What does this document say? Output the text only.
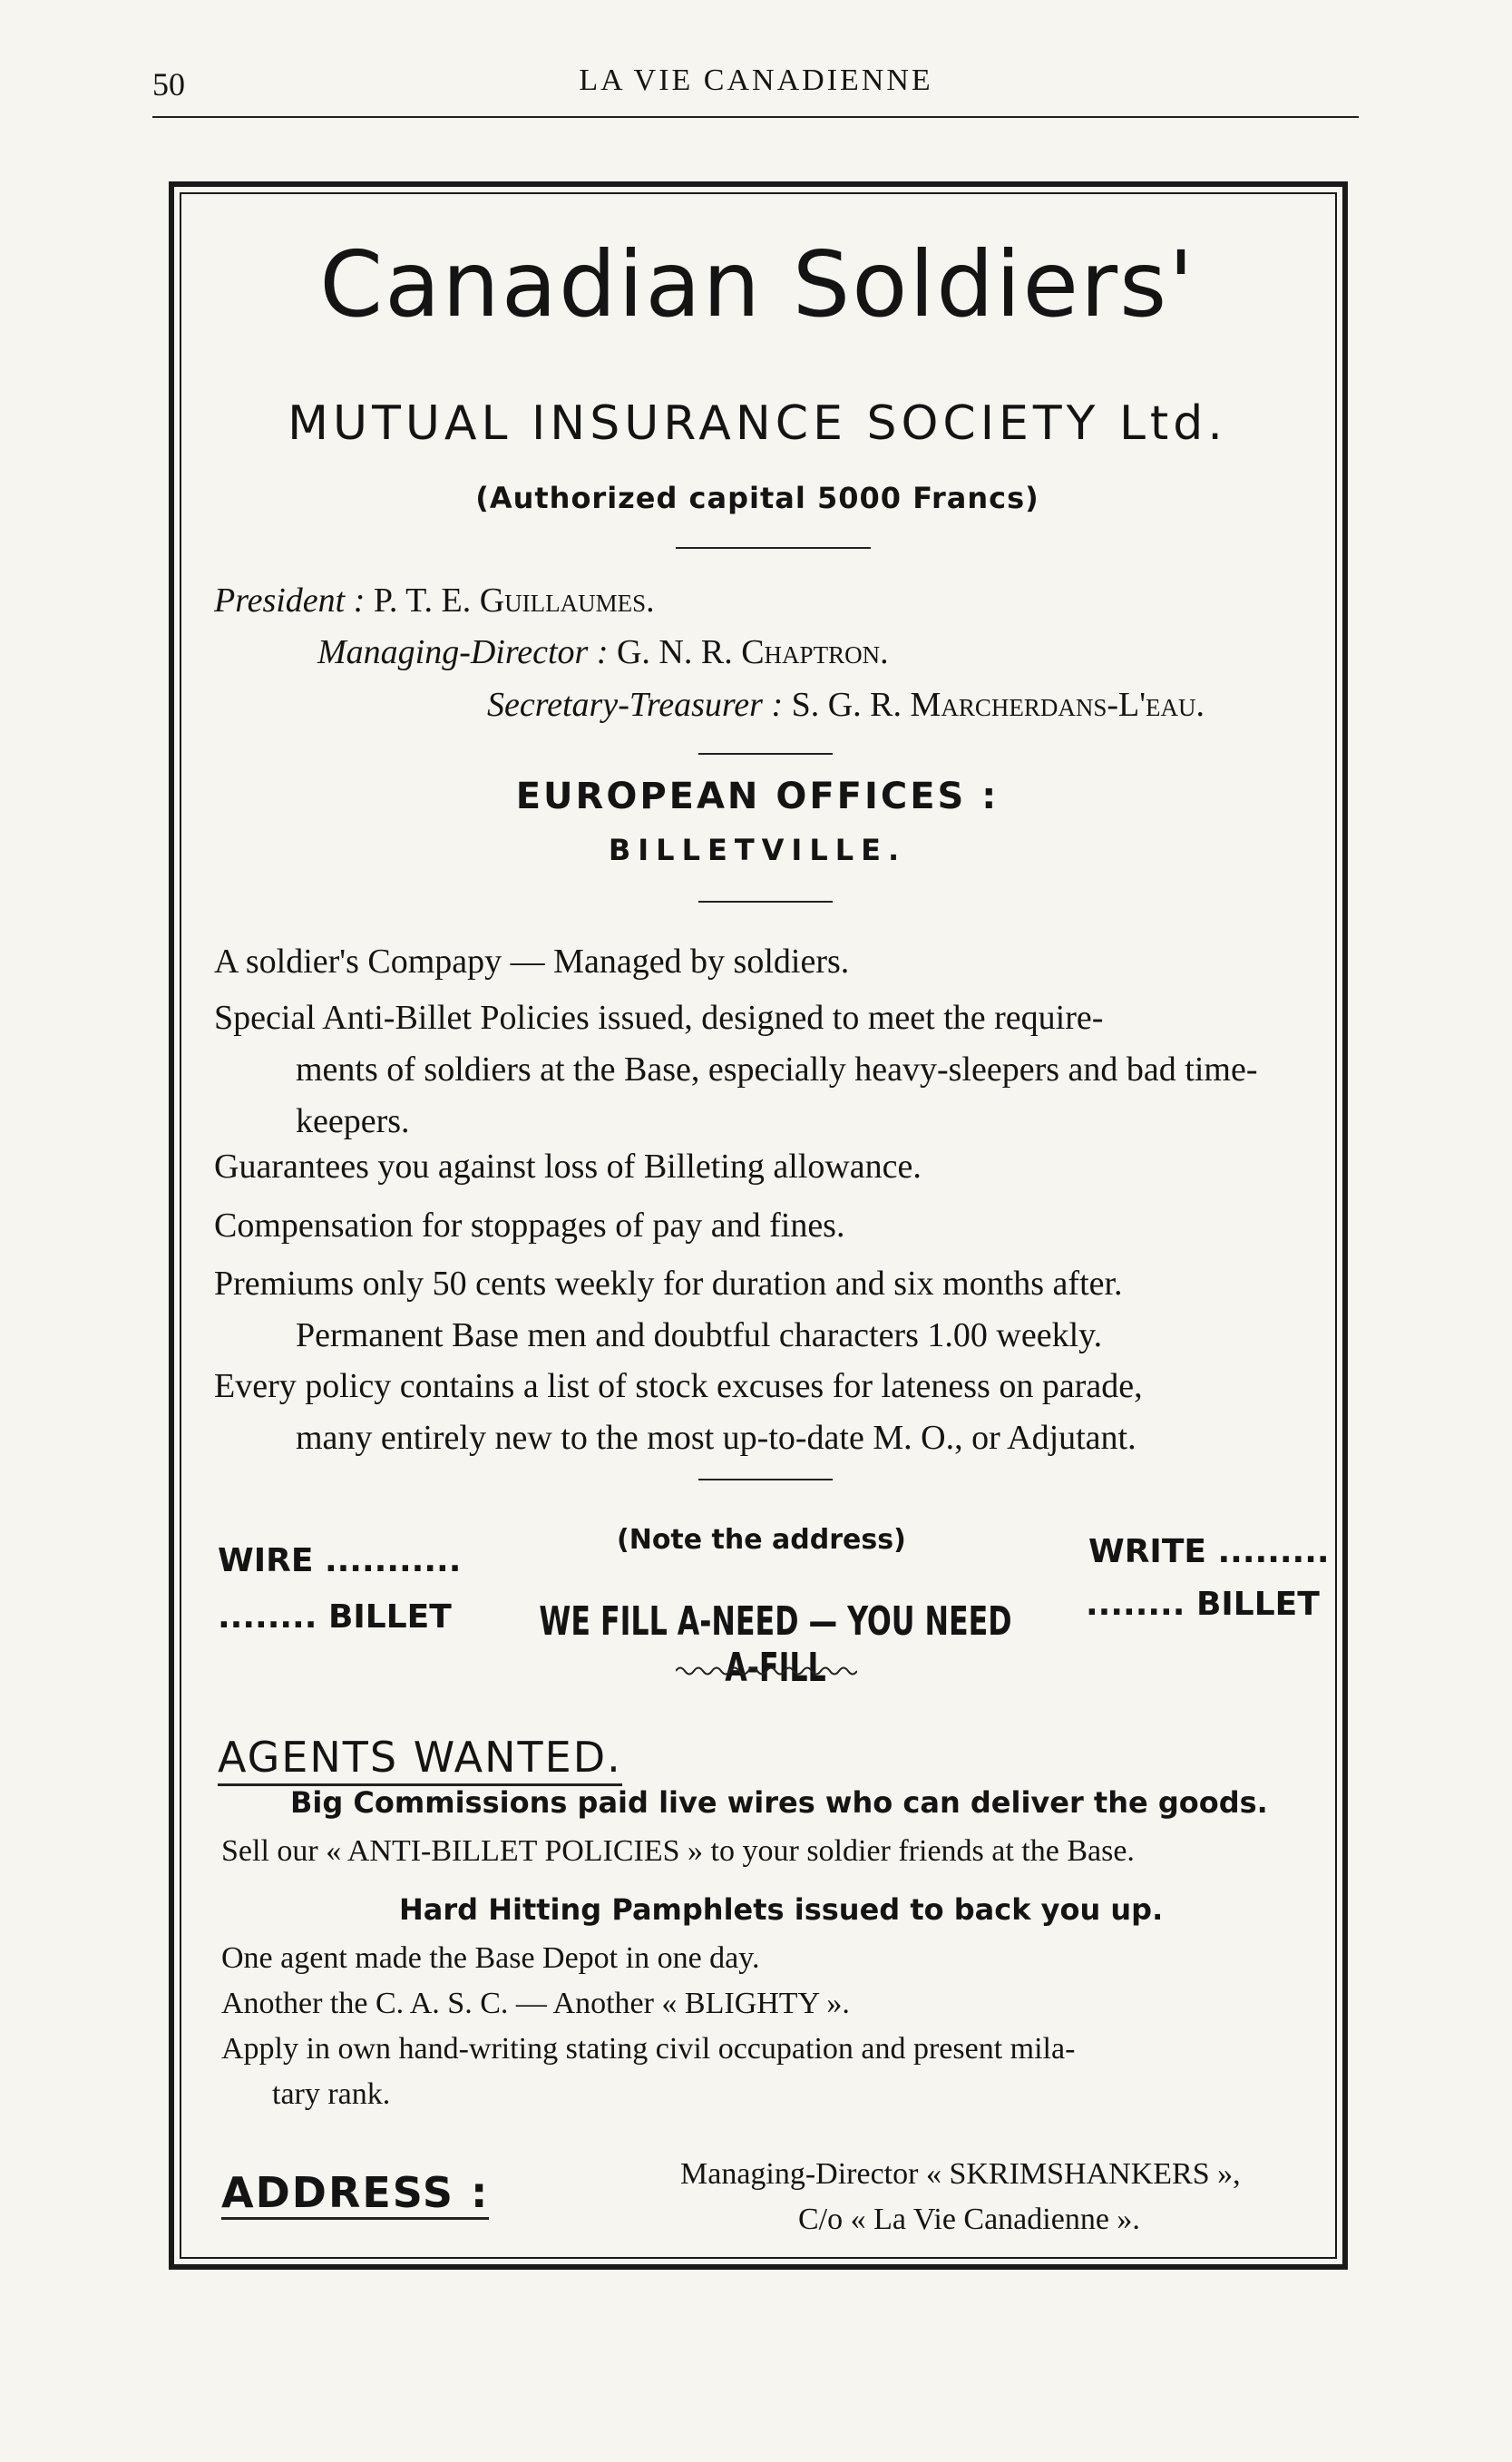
50	LA VIE CANADIENNE
Canadian Soldiers'
MUTUAL INSURANCE SOCIETY Ltd.
(Authorized capital 5000 Francs)
President : P. T. E. Guillaumes.
Managing-Director : G. N. R. Chaptron.
Secretary-Treasurer : S. G. R. Marcherdans-L'eau.
EUROPEAN OFFICES :
BILLETVILLE.
A soldier's Compapy — Managed by soldiers.
Special Anti-Billet Policies issued, designed to meet the require-
ments of soldiers at the Base, especially heavy-sleepers and bad time-keepers.
Guarantees you against loss of Billeting allowance.
Compensation for stoppages of pay and fines.
Premiums only 50 cents weekly for duration and six months after.
Permanent Base men and doubtful characters 1.00 weekly.
Every policy contains a list of stock excuses for lateness on parade,
many entirely new to the most up-to-date M. O., or Adjutant.
WIRE ...........
(Note the address)	WRITE .........
........ BILLET WE FILL A-NEED — YOU NEED A-FILL
........ BILLET
AGENTS WANTED.
Big Commissions paid live wires who can deliver the goods.
Sell our « ANTI-BILLET POLICIES » to your soldier friends at the Base.
Hard Hitting Pamphlets issued to back you up.
One agent made the Base Depot in one day.
Another the C. A. S. C. — Another « BLIGHTY ».
Apply in own hand-writing stating civil occupation and present mila-
tary rank.
ADDRESS :	Managing-Director « SKRIMSHANKERS »,
C/o « La Vie Canadienne ».
